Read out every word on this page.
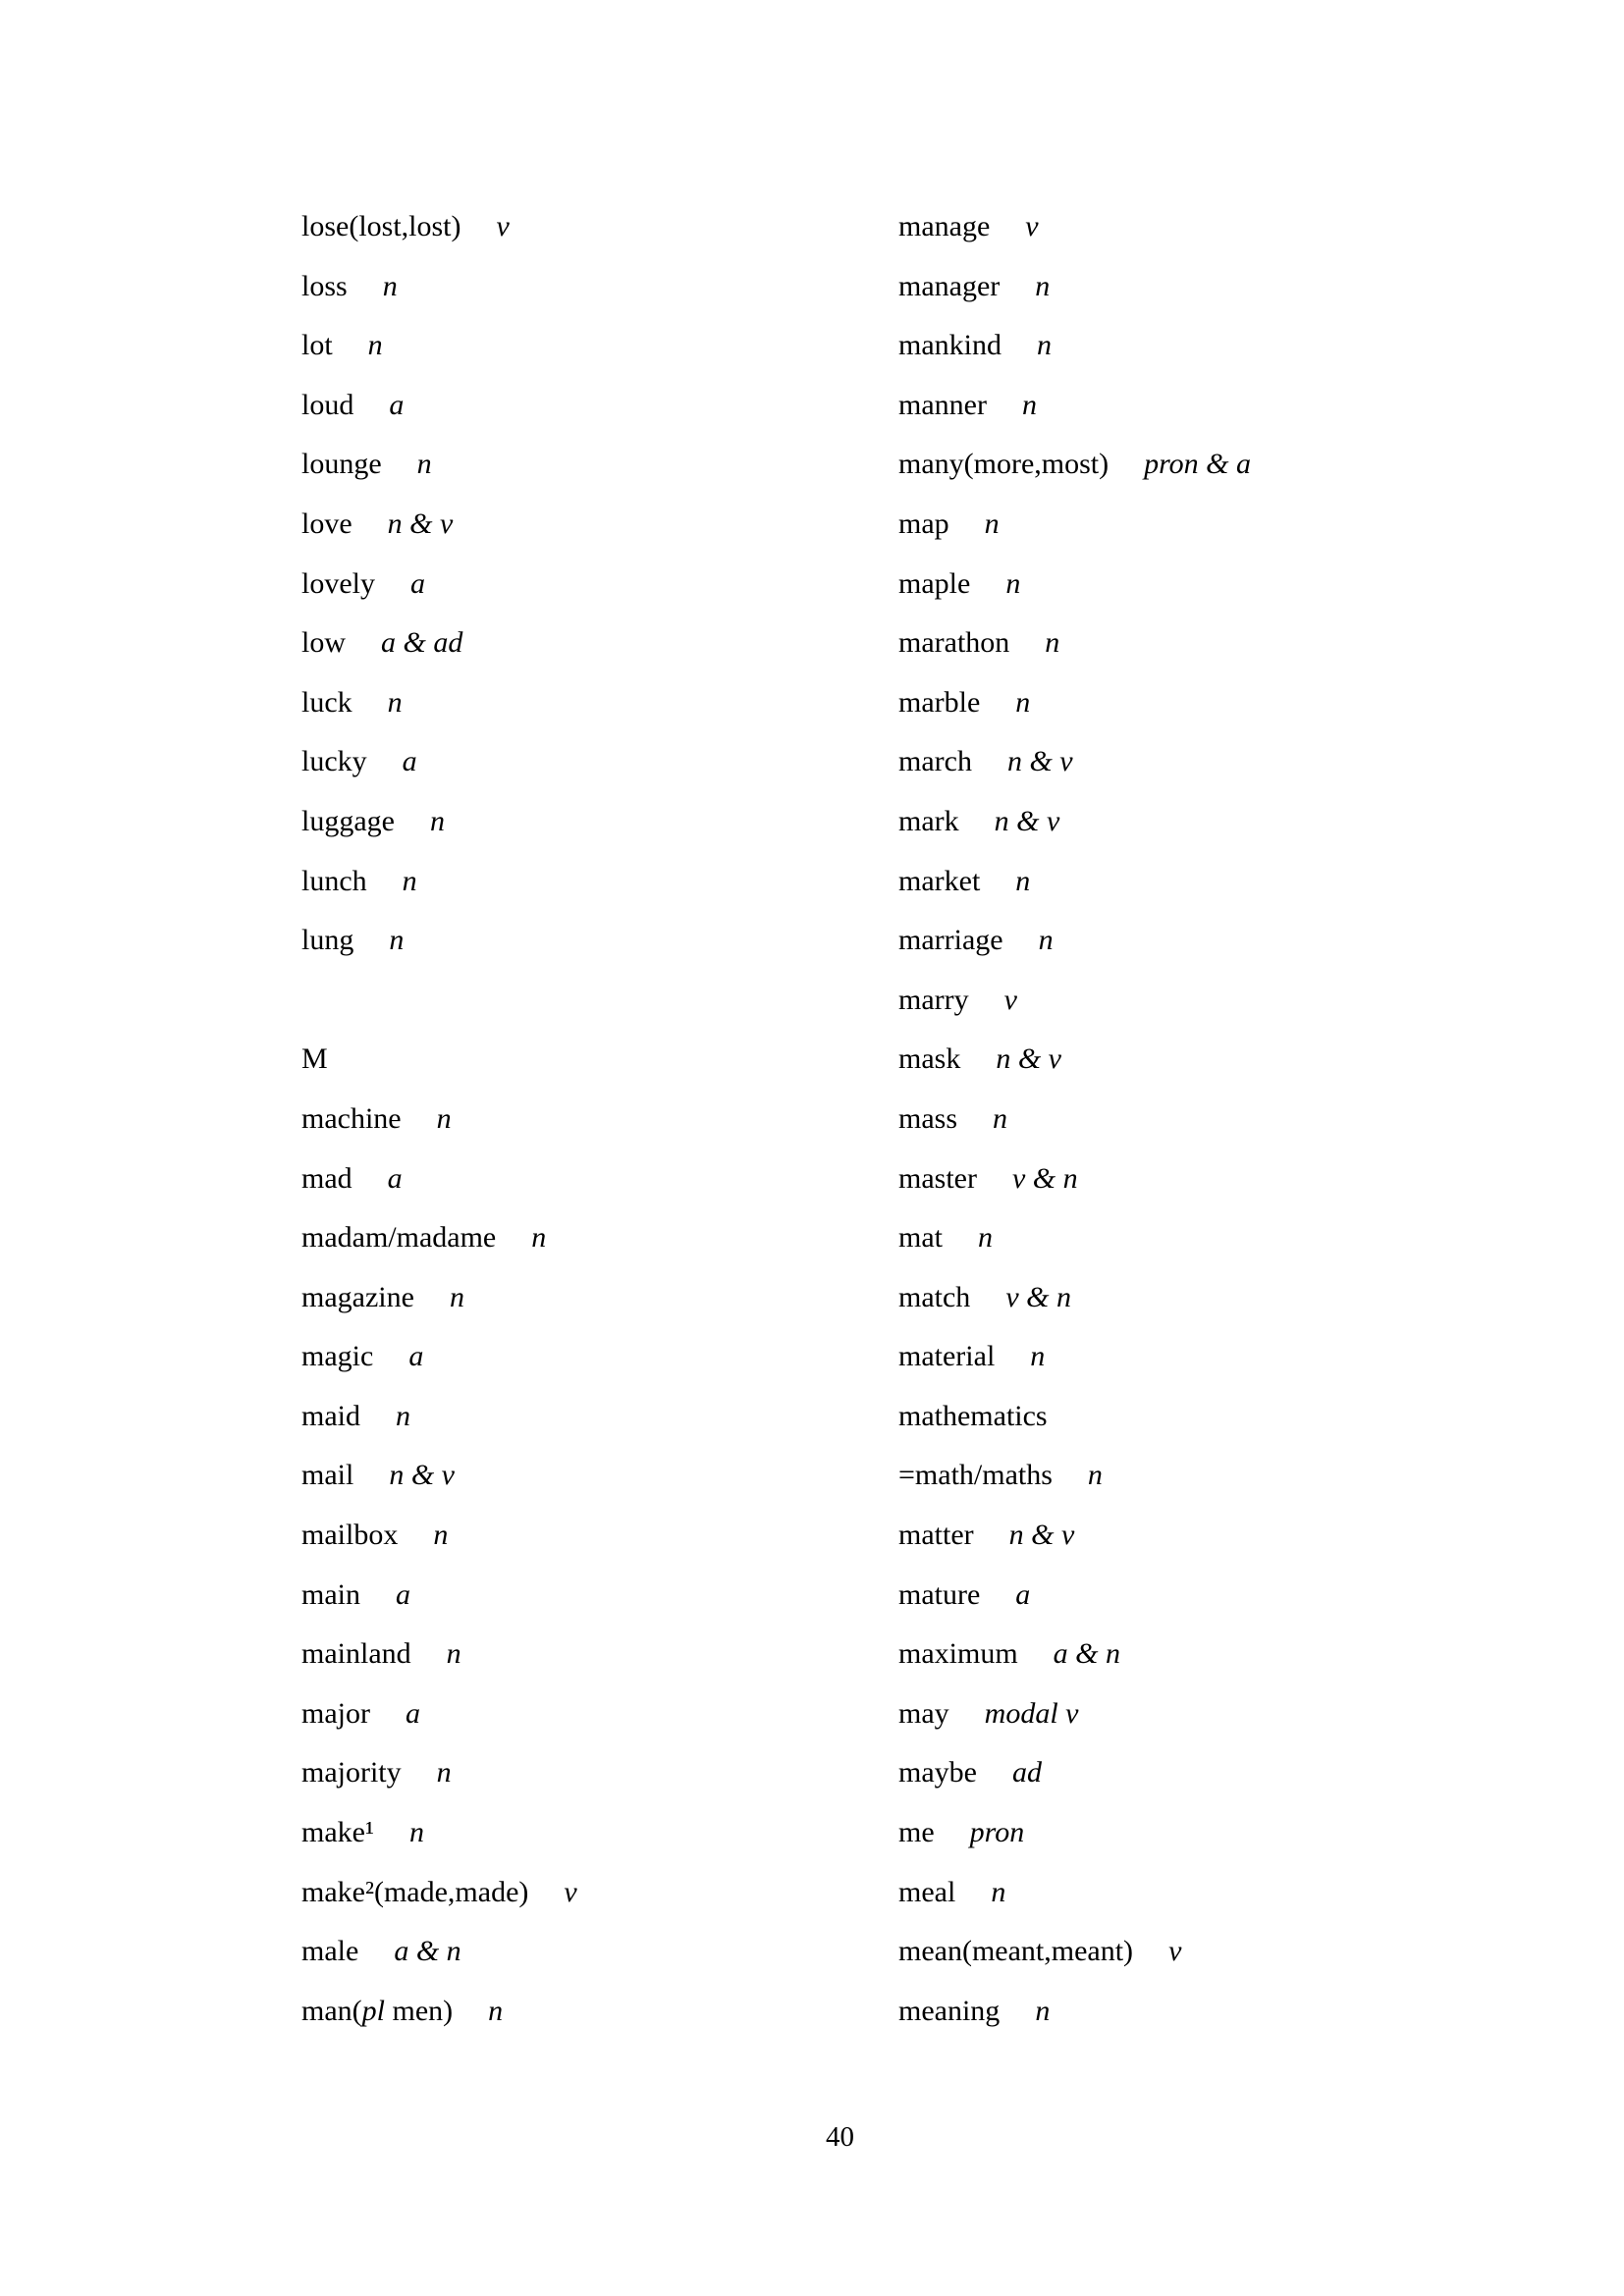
lose(lost,lost) v
loss n
lot n
loud a
lounge n
love n & v
lovely a
low a & ad
luck n
lucky a
luggage n
lunch n
lung n
M
machine n
mad a
madam/madame n
magazine n
magic a
maid n
mail n & v
mailbox n
main a
mainland n
major a
majority n
make¹ n
make²(made,made) v
male a & n
man(pl men) n
manage v
manager n
mankind n
manner n
many(more,most) pron & a
map n
maple n
marathon n
marble n
march n & v
mark n & v
market n
marriage n
marry v
mask n & v
mass n
master v & n
mat n
match v & n
material n
mathematics
=math/maths n
matter n & v
mature a
maximum a & n
may modal v
maybe ad
me pron
meal n
mean(meant,meant) v
meaning n
40
